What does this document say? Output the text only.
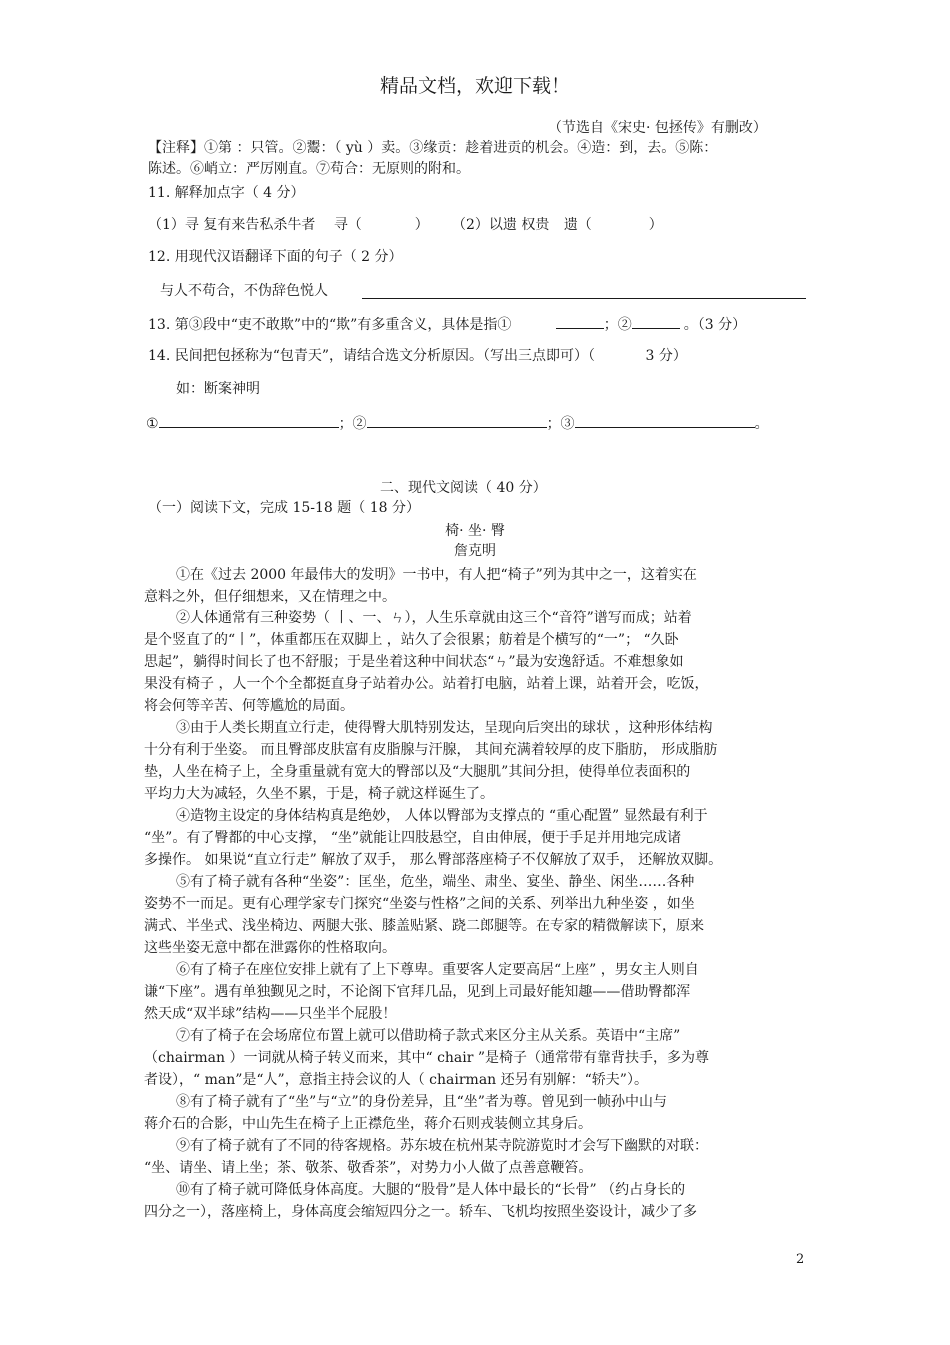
精品文档，欢迎下载！
（节选自《宋史· 包拯传》有删改）
【注释】①第 ：只管。②鬻：（ yù ）卖。③缘贡：趁着进贡的机会。④造：到，去。⑤陈：
陈述。⑥峭立：严厉刚直。⑦苟合：无原则的附和。
11. 解释加点字（ 4 分）
（1）寻 复有来告私杀牛者 寻（	） （2）以遗 权贵 遗（	）
12. 用现代汉语翻译下面的句子（ 2 分）
与人不苟合，不伪辞色悦人
13. 第③段中“吏不敢欺”中的“欺”有多重含义，具体是指①	；②	。（3 分）
14. 民间把包拯称为“包青天”，请结合选文分析原因。（写出三点即可）（	3 分）
如：断案神明
①	；②	；③	。
二、现代文阅读（ 40 分）
（一）阅读下文，完成 15-18 题（ 18 分）
椅· 坐· 臀
詹克明
①在《过去 2000 年最伟大的发明》一书中，有人把“椅子”列为其中之一，这着实在
意料之外，但仔细想来，又在情理之中。
②人体通常有三种姿势（ 丨、一、ㄣ），人生乐章就由这三个“音符”谱写而成；站着
是个竖直了的“丨”，体重都压在双脚上 ，站久了会很累；舫着是个横写的“一”； “久卧
思起”，躺得时间长了也不舒服；于是坐着这种中间状态“ㄣ”最为安逸舒适。不难想象如
果没有椅子 ，人一个个全都挺直身子站着办公。站着打电脑，站着上课，站着开会，吃饭，
将会何等辛苦、何等尴尬的局面。
③由于人类长期直立行走，使得臀大肌特别发达，呈现向后突出的球状 ，这种形体结构
十分有利于坐姿。 而且臀部皮肤富有皮脂腺与汗腺， 其间充满着较厚的皮下脂肪， 形成脂肪
垫，人坐在椅子上，全身重量就有宽大的臀部以及“大腿肌”其间分担，使得单位表面积的
平均力大为减轻，久坐不累，于是，椅子就这样诞生了。
④造物主设定的身体结构真是绝妙， 人体以臀部为支撑点的 “重心配置” 显然最有利于
“坐”。有了臀都的中心支撑， “坐”就能让四肢悬空，自由伸展，便于手足并用地完成诸
多操作。 如果说“直立行走” 解放了双手， 那么臀部落座椅子不仅解放了双手， 还解放双脚。
⑤有了椅子就有各种“坐姿”：匡坐，危坐，端坐、肃坐、宴坐、静坐、闲坐……各种
姿势不一而足。更有心理学家专门探究“坐姿与性格”之间的关系、列举出九种坐姿 ，如坐
满式、半坐式、浅坐椅边、两腿大张、膝盖贴紧、跷二郎腿等。在专家的精微解读下，原来
这些坐姿无意中都在泄露你的性格取向。
⑥有了椅子在座位安排上就有了上下尊卑。重要客人定要高居“上座” ，男女主人则自
谦“下座”。遇有单独觐见之时，不论阁下官拜几品，见到上司最好能知趣——借助臀都浑
然天成“双半球”结构——只坐半个屁股！
⑦有了椅子在会场席位布置上就可以借助椅子款式来区分主从关系。英语中“主席”
（chairman ）一词就从椅子转义而来，其中“ chair ”是椅子（通常带有靠背扶手，多为尊
者设），“ man”是“人”，意指主持会议的人（ chairman 还另有别解：“轿夫”）。
⑧有了椅子就有了“坐”与“立”的身份差异，且“坐”者为尊。曾见到一帧孙中山与
蒋介石的合影，中山先生在椅子上正襟危坐，蒋介石则戎装侧立其身后。
⑨有了椅子就有了不同的待客规格。苏东坡在杭州某寺院游览时才会写下幽默的对联：
“坐、请坐、请上坐；茶、敬茶、敬香茶”，对势力小人做了点善意鞭笞。
⑩有了椅子就可降低身体高度。大腿的“股骨”是人体中最长的“长骨” （约占身长的
四分之一），落座椅上，身体高度会缩短四分之一。轿车、飞机均按照坐姿设计，减少了多
2
